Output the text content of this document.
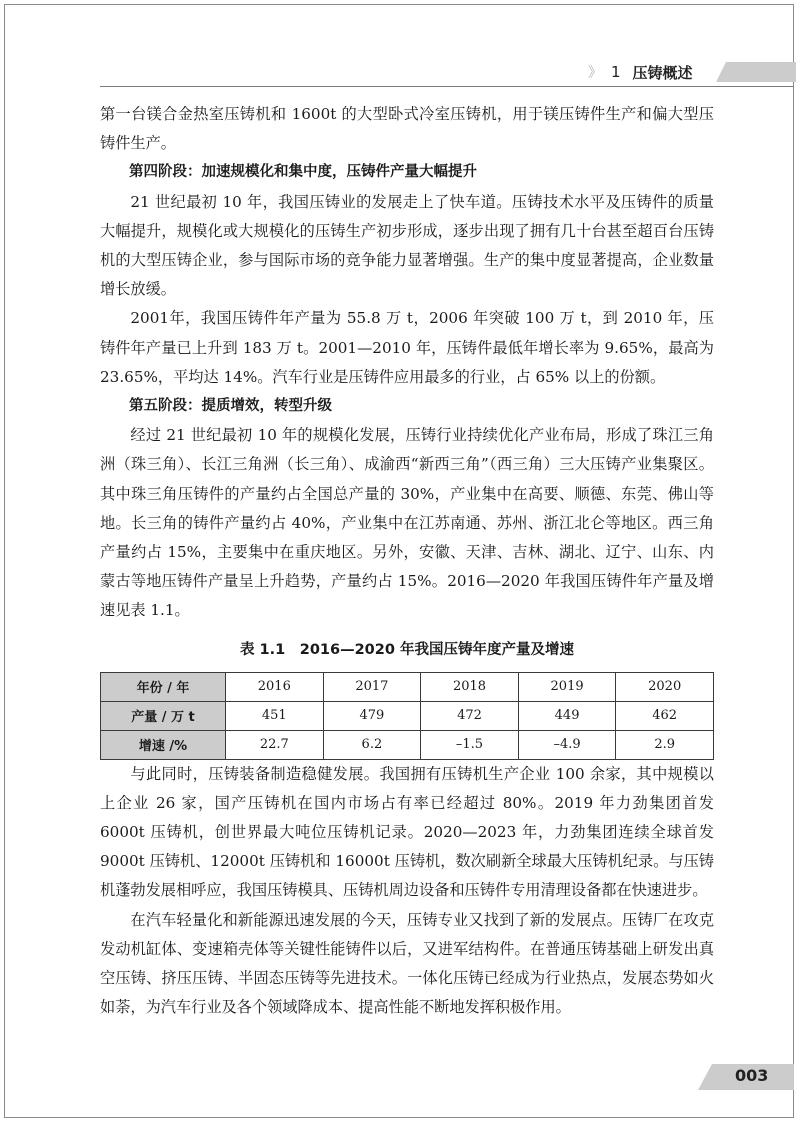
》 1 压铸概述

第一台镁合金热室压铸机和 1600t 的大型卧式冷室压铸机，用于镁压铸件生产和偏大型压铸件生产。

第四阶段：加速规模化和集中度，压铸件产量大幅提升

21 世纪最初 10 年，我国压铸业的发展走上了快车道。压铸技术水平及压铸件的质量大幅提升，规模化或大规模化的压铸生产初步形成，逐步出现了拥有几十台甚至超百台压铸机的大型压铸企业，参与国际市场的竞争能力显著增强。生产的集中度显著提高，企业数量增长放缓。

2001年，我国压铸件年产量为 55.8 万 t，2006 年突破 100 万 t，到 2010 年，压铸件年产量已上升到 183 万 t。2001—2010 年，压铸件最低年增长率为 9.65%，最高为 23.65%，平均达 14%。汽车行业是压铸件应用最多的行业，占 65% 以上的份额。

第五阶段：提质增效，转型升级

经过 21 世纪最初 10 年的规模化发展，压铸行业持续优化产业布局，形成了珠江三角洲（珠三角）、长江三角洲（长三角）、成渝西“新西三角”（西三角）三大压铸产业集聚区。其中珠三角压铸件的产量约占全国总产量的 30%，产业集中在高要、顺德、东莞、佛山等地。长三角的铸件产量约占 40%，产业集中在江苏南通、苏州、浙江北仑等地区。西三角产量约占 15%，主要集中在重庆地区。另外，安徽、天津、吉林、湖北、辽宁、山东、内蒙古等地压铸件产量呈上升趋势，产量约占 15%。2016—2020 年我国压铸件年产量及增速见表 1.1。

表 1.1　2016—2020 年我国压铸年度产量及增速
年份 / 年	2016	2017	2018	2019	2020
产量 / 万 t	451	479	472	449	462
增速 /%	22.7	6.2	–1.5	–4.9	2.9

与此同时，压铸装备制造稳健发展。我国拥有压铸机生产企业 100 余家，其中规模以上企业 26 家，国产压铸机在国内市场占有率已经超过 80%。2019 年力劲集团首发 6000t 压铸机，创世界最大吨位压铸机记录。2020—2023 年，力劲集团连续全球首发 9000t 压铸机、12000t 压铸机和 16000t 压铸机，数次刷新全球最大压铸机纪录。与压铸机蓬勃发展相呼应，我国压铸模具、压铸机周边设备和压铸件专用清理设备都在快速进步。

在汽车轻量化和新能源迅速发展的今天，压铸专业又找到了新的发展点。压铸厂在攻克发动机缸体、变速箱壳体等关键性能铸件以后，又进军结构件。在普通压铸基础上研发出真空压铸、挤压压铸、半固态压铸等先进技术。一体化压铸已经成为行业热点，发展态势如火如荼，为汽车行业及各个领域降成本、提高性能不断地发挥积极作用。

003
